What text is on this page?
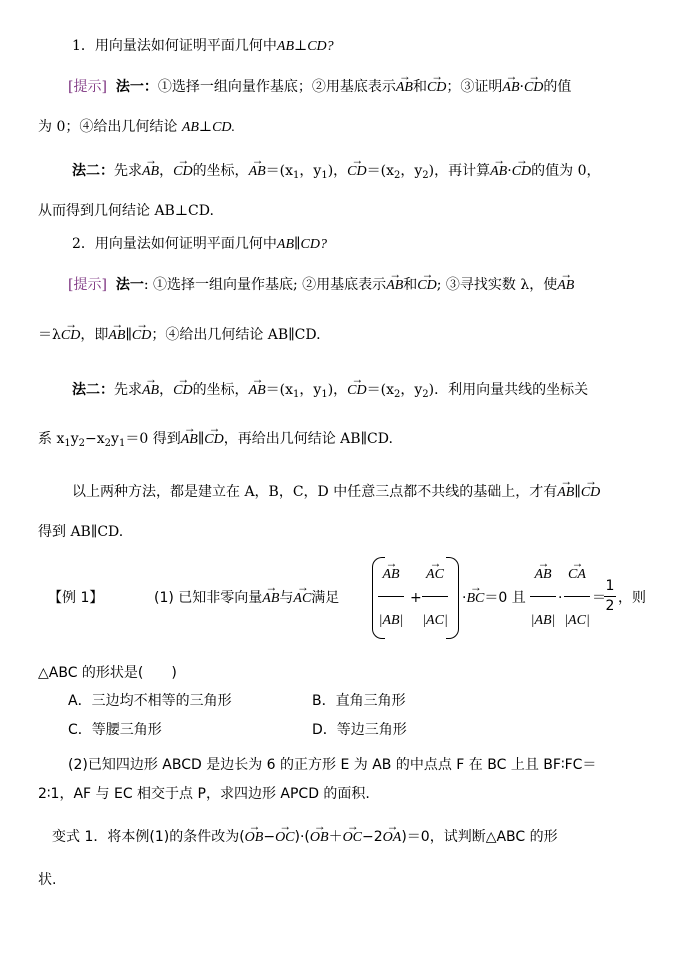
1．用向量法如何证明平面几何中AB⊥CD?
[提示] 法一：①选择一组向量作基底；②用基底表示→ AB和→ CD；③证明→ AB·→ CD的值
为 0；④给出几何结论 AB⊥CD.
法二：先求→ AB，→ CD的坐标，→ $AB=(x_1$，$y_1$)，→ $CD=(x_2$，$y_2$)，再计算→ AB·→ CD的值为 0，
从而得到几何结论 AB⊥CD.
2．用向量法如何证明平面几何中AB∥CD?
[提示] 法一: ①选择一组向量作基底; ②用基底表示→ AB和→ CD; ③寻找实数 λ，使→ AB
＝λ→ CD，即→ AB∥→ CD；④给出几何结论 AB∥CD.
法二：先求→ AB，→ CD的坐标，→ $AB=(x_1$，$y_1$)，→ $CD=(x_2$，$y_2$)．利用向量共线的坐标关
系 $x_1y_2-x_2y_1=0$ 得到→ AB∥→ CD，再给出几何结论 AB∥CD.
以上两种方法，都是建立在 A，B，C，D 中任意三点都不共线的基础上，才有→ AB∥→ CD
得到 AB∥CD.
【例 1】	(1) 已知非零向量→ AB与→ AC满足
→ AB
|AB|
+
→ AC
|AC|
·→ BC＝0 且
→ AB
|AB|
·
→ CA
|AC|
＝
1
2 ，则
△ABC 的形状是(　　)
A．三边均不相等的三角形	B．直角三角形
C．等腰三角形	D．等边三角形
(2)已知四边形 ABCD 是边长为 6 的正方形 E 为 AB 的中点点 F 在 BC 上且 BF∶FC＝
2∶1，AF 与 EC 相交于点 P，求四边形 APCD 的面积.
变式 1．将本例(1)的条件改为(→ OB−→ OC)·(→ OB＋→ OC−2→ OA)＝0，试判断△ABC 的形
状.
